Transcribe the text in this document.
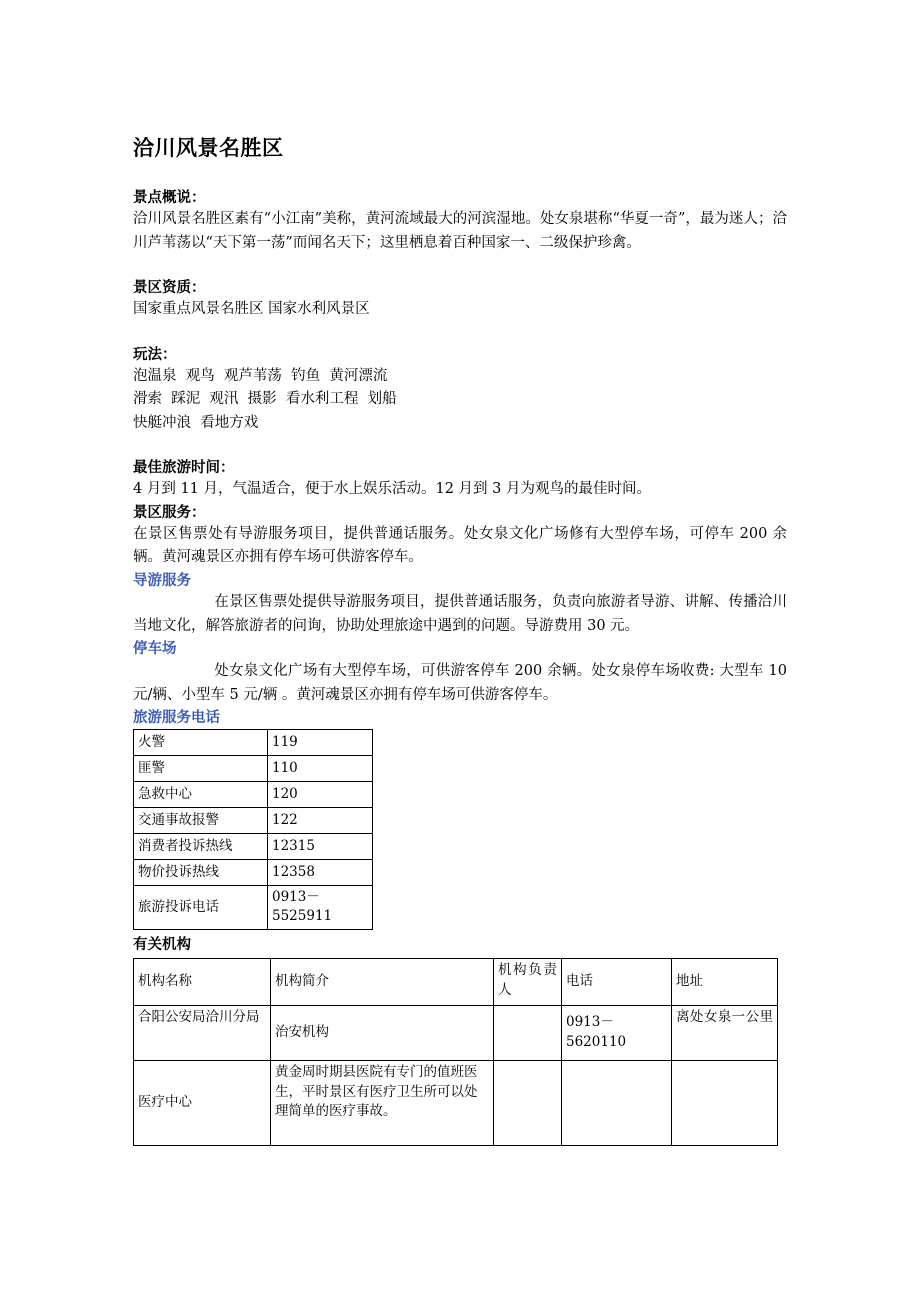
洽川风景名胜区
景点概说：

洽川风景名胜区素有“小江南”美称，黄河流域最大的河滨湿地。处女泉堪称“华夏一奇”，最为迷人；洽川芦苇荡以“天下第一荡”而闻名天下；这里栖息着百种国家一、二级保护珍禽。

景区资质：

国家重点风景名胜区 国家水利风景区

玩法：
泡温泉  观鸟  观芦苇荡  钓鱼  黄河漂流
滑索  踩泥  观汛  摄影  看水利工程  划船
快艇冲浪  看地方戏
最佳旅游时间：

4 月到 11 月，气温适合，便于水上娱乐活动。12 月到 3 月为观鸟的最佳时间。

景区服务：

在景区售票处有导游服务项目，提供普通话服务。处女泉文化广场修有大型停车场，可停车 200 余辆。黄河魂景区亦拥有停车场可供游客停车。

导游服务

在景区售票处提供导游服务项目，提供普通话服务，负责向旅游者导游、讲解、传播洽川当地文化，解答旅游者的问询，协助处理旅途中遇到的问题。导游费用 30 元。

停车场

处女泉文化广场有大型停车场，可供游客停车 200 余辆。处女泉停车场收费: 大型车 10 元/辆、小型车 5 元/辆 。黄河魂景区亦拥有停车场可供游客停车。

旅游服务电话
火警	119
匪警	110
急救中心	120
交通事故报警	122
消费者投诉热线	12315
物价投诉热线	12358
旅游投诉电话	0913－5525911
有关机构
机构名称	机构简介	机构负责人	电话	地址
合阳公安局洽川分局	治安机构		0913－5620110	离处女泉一公里
医疗中心	黄金周时期县医院有专门的值班医生，平时景区有医疗卫生所可以处理简单的医疗事故。			
